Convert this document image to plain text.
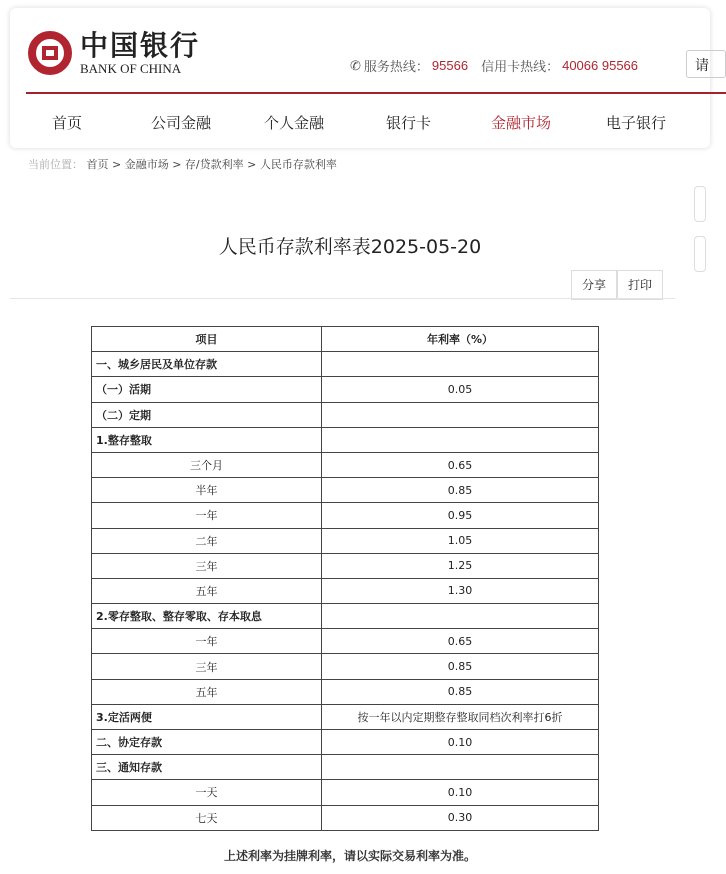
中国银行
BANK OF CHINA	✆ 服务热线： 95566 信用卡热线： 40066 95566	请
首页	公司金融	个人金融	银行卡	金融市场	电子银行
当前位置： 首页 > 金融市场 > 存/贷款利率 > 人民币存款利率
人民币存款利率表2025-05-20
分享	打印
项目	年利率（%）
一、城乡居民及单位存款	
（一）活期	0.05
（二）定期	
1.整存整取	
三个月	0.65
半年	0.85
一年	0.95
二年	1.05
三年	1.25
五年	1.30
2.零存整取、整存零取、存本取息	
一年	0.65
三年	0.85
五年	0.85
3.定活两便	按一年以内定期整存整取同档次利率打6折
二、协定存款	0.10
三、通知存款	
一天	0.10
七天	0.30
上述利率为挂牌利率，请以实际交易利率为准。
